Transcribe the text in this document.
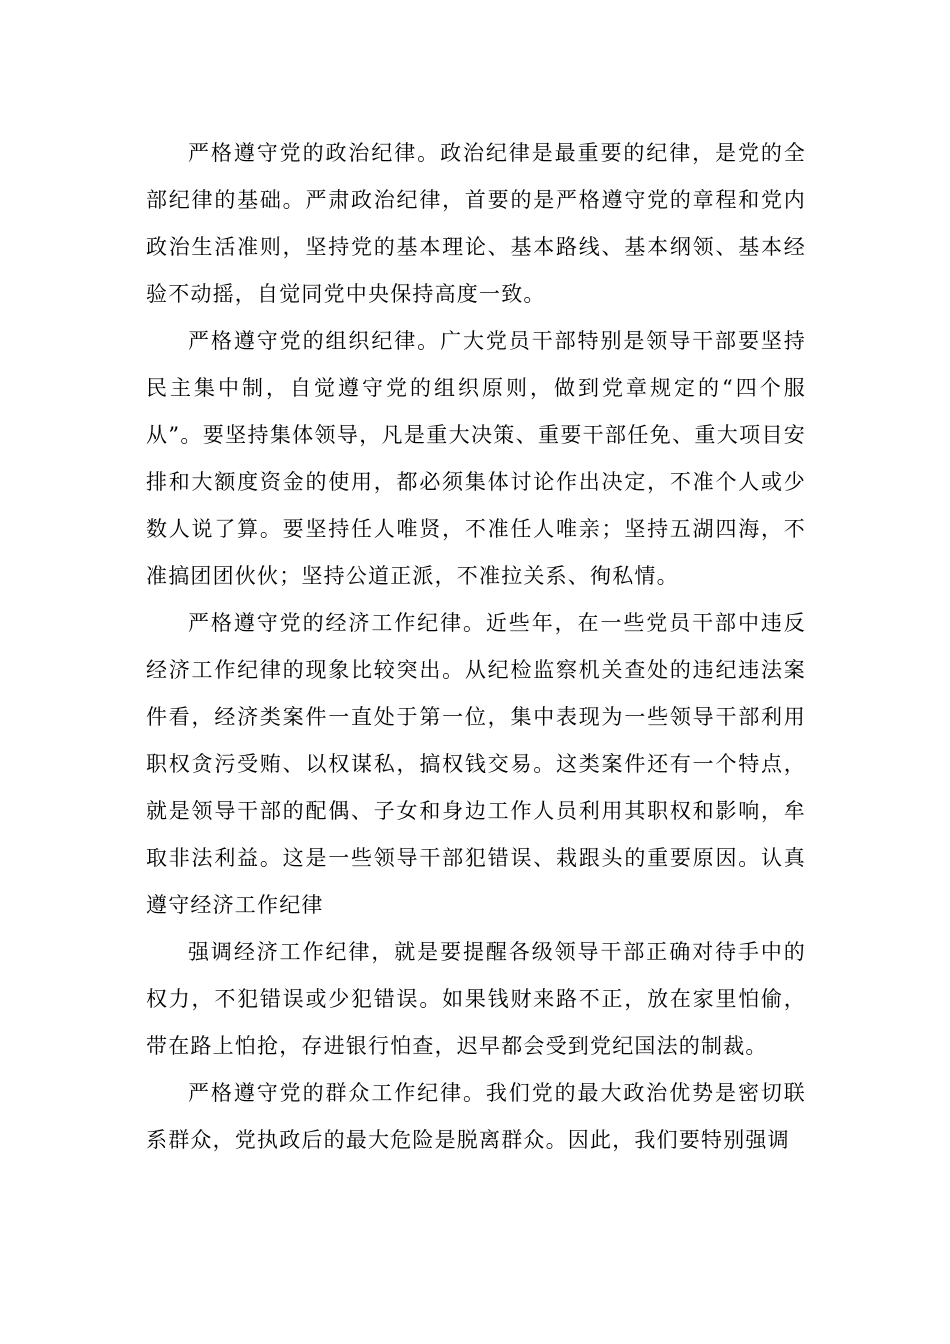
严格遵守党的政治纪律。政治纪律是最重要的纪律，是党的全部纪律的基础。严肃政治纪律，首要的是严格遵守党的章程和党内政治生活准则，坚持党的基本理论、基本路线、基本纲领、基本经验不动摇，自觉同党中央保持高度一致。

严格遵守党的组织纪律。广大党员干部特别是领导干部要坚持民主集中制，自觉遵守党的组织原则，做到党章规定的“四个服从”。要坚持集体领导，凡是重大决策、重要干部任免、重大项目安排和大额度资金的使用，都必须集体讨论作出决定，不准个人或少数人说了算。要坚持任人唯贤，不准任人唯亲；坚持五湖四海，不准搞团团伙伙；坚持公道正派，不准拉关系、徇私情。

严格遵守党的经济工作纪律。近些年，在一些党员干部中违反经济工作纪律的现象比较突出。从纪检监察机关查处的违纪违法案件看，经济类案件一直处于第一位，集中表现为一些领导干部利用职权贪污受贿、以权谋私，搞权钱交易。这类案件还有一个特点，就是领导干部的配偶、子女和身边工作人员利用其职权和影响，牟取非法利益。这是一些领导干部犯错误、栽跟头的重要原因。认真遵守经济工作纪律

强调经济工作纪律，就是要提醒各级领导干部正确对待手中的权力，不犯错误或少犯错误。如果钱财来路不正，放在家里怕偷，带在路上怕抢，存进银行怕查，迟早都会受到党纪国法的制裁。

严格遵守党的群众工作纪律。我们党的最大政治优势是密切联系群众，党执政后的最大危险是脱离群众。因此，我们要特别强调
